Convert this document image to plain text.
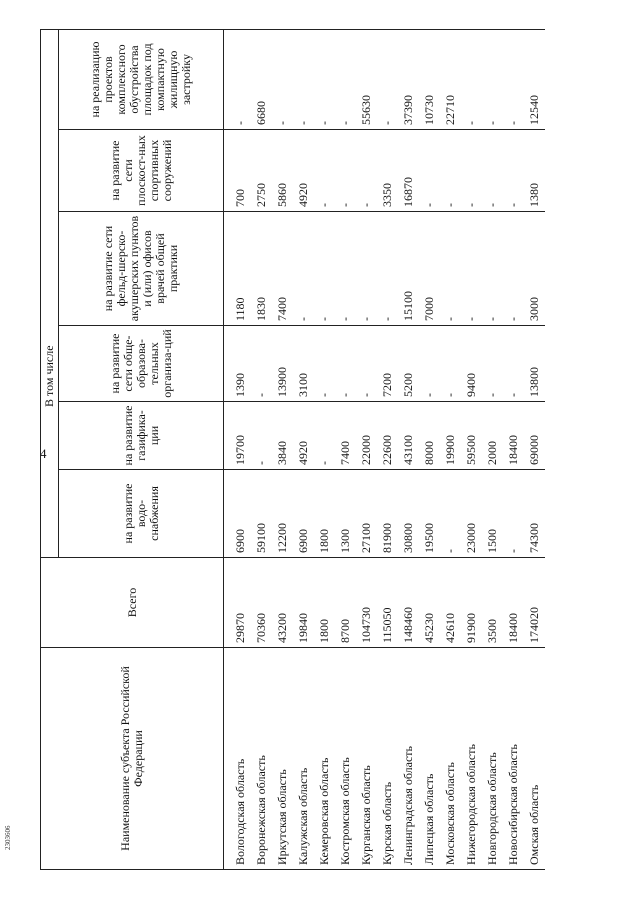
4
2303606	Наименование субъекта Российской Федерации	Всего	В том числе					
		на развитие водо-снабжения	на развитие газифика-ции	на развитие сети обще-образова-тельных организа-ций	на развитие сети фельд-шерско-акушерских пунктов и (или) офисов врачей общей практики	на развитие сети плоскост-ных спортивных сооружений	на реализацию проектов комплексного обустройства площадок под компактную жилищную застройку

Вологодская область	29870	6900	19700	1390	1180	700	-
Воронежская область	70360	59100	-	-	1830	2750	6680
Иркутская область	43200	12200	3840	13900	7400	5860	-
Калужская область	19840	6900	4920	3100	-	4920	-
Кемеровская область	1800	1800	-	-	-	-	-
Костромская область	8700	1300	7400	-	-	-	-
Курганская область	104730	27100	22000	-	-	-	55630
Курская область	115050	81900	22600	7200	-	3350	-
Ленинградская область	148460	30800	43100	5200	15100	16870	37390
Липецкая область	45230	19500	8000	-	7000	-	10730
Московская область	42610	-	19900	-	-	-	22710
Нижегородская область	91900	23000	59500	9400	-	-	-
Новгородская область	3500	1500	2000	-	-	-	-
Новосибирская область	18400	-	18400	-	-	-	-
Омская область	174020	74300	69000	13800	3000	1380	12540
